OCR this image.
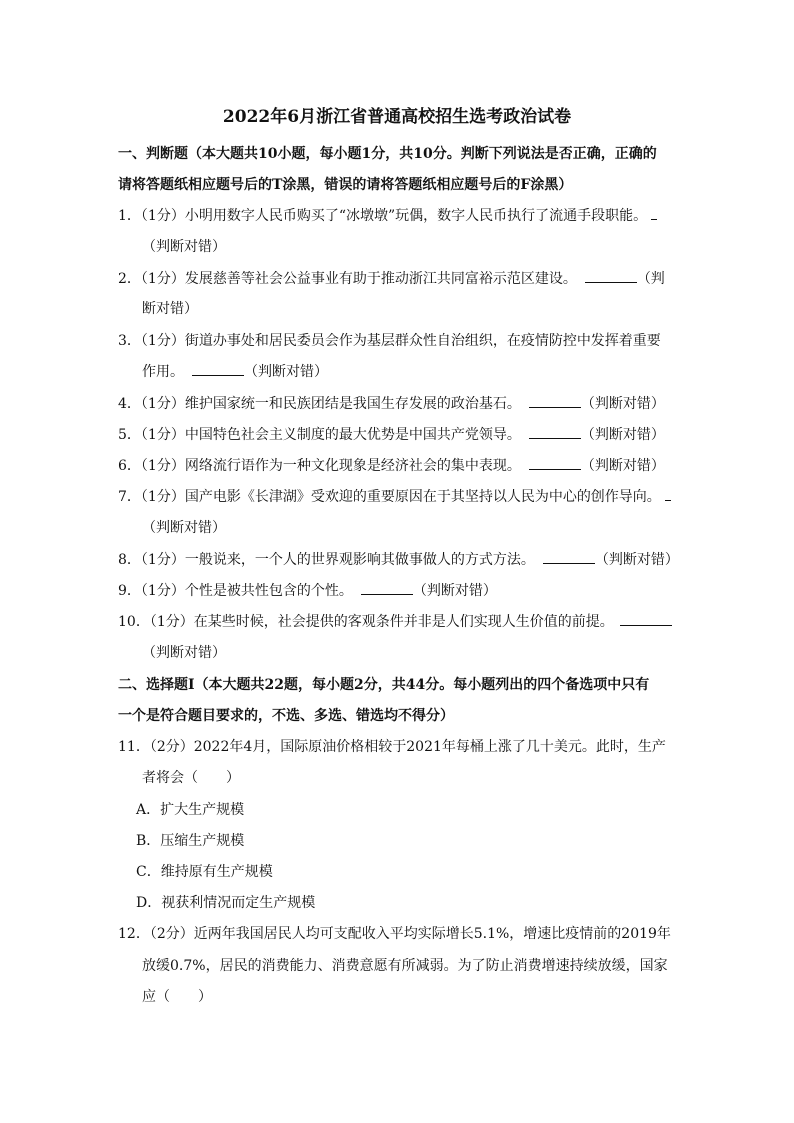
2022年6月浙江省普通高校招生选考政治试卷
一、判断题（本大题共10小题，每小题1分，共10分。判断下列说法是否正确，正确的
请将答题纸相应题号后的T涂黑，错误的请将答题纸相应题号后的F涂黑）
1．（1分）小明用数字人民币购买了“冰墩墩”玩偶，数字人民币执行了流通手段职能。
（判断对错）
2．（1分）发展慈善等社会公益事业有助于推动浙江共同富裕示范区建设。	（判
断对错）
3．（1分）街道办事处和居民委员会作为基层群众性自治组织，在疫情防控中发挥着重要
作用。	（判断对错）
4．（1分）维护国家统一和民族团结是我国生存发展的政治基石。	（判断对错）
5．（1分）中国特色社会主义制度的最大优势是中国共产党领导。	（判断对错）
6．（1分）网络流行语作为一种文化现象是经济社会的集中表现。	（判断对错）
7．（1分）国产电影《长津湖》受欢迎的重要原因在于其坚持以人民为中心的创作导向。
（判断对错）
8．（1分）一般说来，一个人的世界观影响其做事做人的方式方法。	（判断对错）
9．（1分）个性是被共性包含的个性。	（判断对错）
10．（1分）在某些时候，社会提供的客观条件并非是人们实现人生价值的前提。
（判断对错）
二、选择题Ⅰ（本大题共22题，每小题2分，共44分。每小题列出的四个备选项中只有
一个是符合题目要求的，不选、多选、错选均不得分）
11．（2分）2022年4月，国际原油价格相较于2021年每桶上涨了几十美元。此时，生产
者将会（　　）
A．扩大生产规模
B．压缩生产规模
C．维持原有生产规模
D．视获利情况而定生产规模
12．（2分）近两年我国居民人均可支配收入平均实际增长5.1%，增速比疫情前的2019年
放缓0.7%，居民的消费能力、消费意愿有所减弱。为了防止消费增速持续放缓，国家
应（　　）
